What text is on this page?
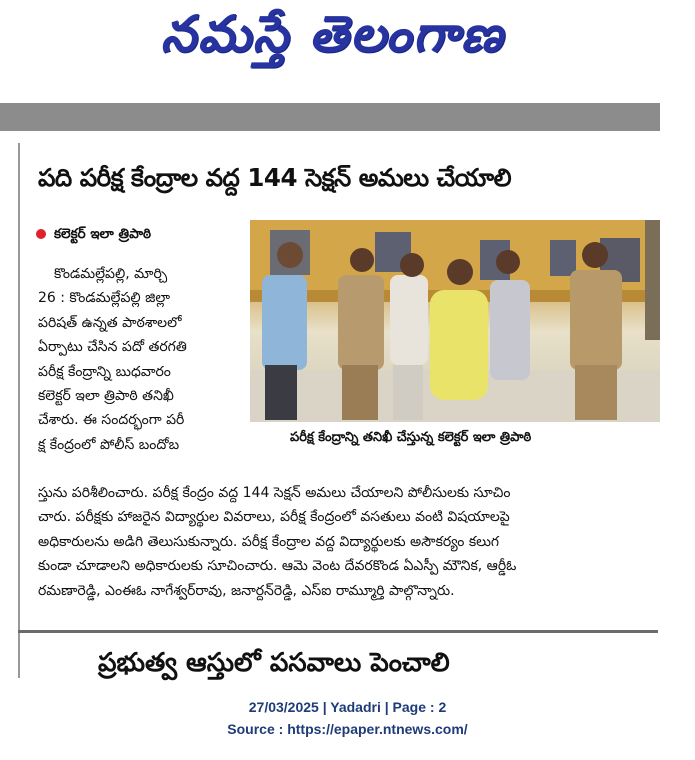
నమస్తే తెలంగాణ
పది పరీక్ష కేంద్రాల వద్ద 144 సెక్షన్ అమలు చేయాలి
కలెక్టర్ ఇలా త్రిపాఠి
పరీక్ష కేంద్రాన్ని తనిఖీ చేస్తున్న కలెక్టర్ ఇలా త్రిపాఠి
కొండమల్లేపల్లి, మార్చి
26 : కొండమల్లేపల్లి జిల్లా
పరిషత్ ఉన్నత పాఠశాలలో
ఏర్పాటు చేసిన పదో తరగతి
పరీక్ష కేంద్రాన్ని బుధవారం
కలెక్టర్ ఇలా త్రిపాఠి తనిఖీ
చేశారు. ఈ సందర్భంగా పరీ
క్ష కేంద్రంలో పోలీస్ బందోబ
స్తును పరిశీలించారు. పరీక్ష కేంద్రం వద్ద 144 సెక్షన్ అమలు చేయాలని పోలీసులకు సూచిం
చారు. పరీక్షకు హాజరైన విద్యార్థుల వివరాలు, పరీక్ష కేంద్రంలో వసతులు వంటి విషయాలపై
అధికారులను అడిగి తెలుసుకున్నారు. పరీక్ష కేంద్రాల వద్ద విద్యార్థులకు అసౌకర్యం కలుగ
కుండా చూడాలని అధికారులకు సూచించారు. ఆమె వెంట దేవరకొండ ఏఎస్పీ మౌనిక, ఆర్డీఓ
రమణారెడ్డి, ఎంఈఓ నాగేశ్వర్‌రావు, జనార్దన్‌రెడ్డి, ఎస్ఐ రామ్మూర్తి పాల్గొన్నారు.
ప్రభుత్వ ఆస్తులో పసవాలు పెంచాలి
27/03/2025 | Yadadri | Page : 2
Source : https://epaper.ntnews.com/
